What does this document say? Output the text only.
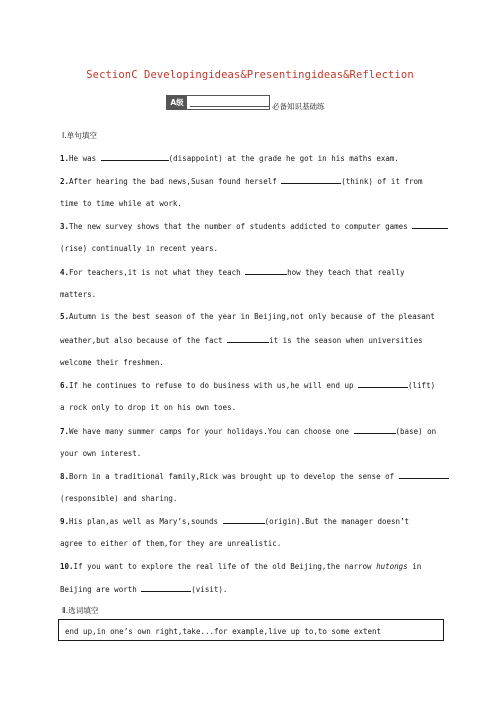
SectionC Developingideas&Presentingideas&Reflection
A级	必备知识基础练
Ⅰ.单句填空
1.He was	(disappoint) at the grade he got in his maths exam.
2.After hearing the bad news,Susan found herself	(think) of it from
time to time while at work.
3.The new survey shows that the number of students addicted to computer games
(rise) continually in recent years.
4.For teachers,it is not what they teach	how they teach that really
matters.
5.Autumn is the best season of the year in Beijing,not only because of the pleasant
weather,but also because of the fact	it is the season when universities
welcome their freshmen.
6.If he continues to refuse to do business with us,he will end up	(lift)
a rock only to drop it on his own toes.
7.We have many summer camps for your holidays.You can choose one	(base) on
your own interest.
8.Born in a traditional family,Rick was brought up to develop the sense of
(responsible) and sharing.
9.His plan,as well as Mary’s,sounds	(origin).But the manager doesn’t
agree to either of them,for they are unrealistic.
10.If you want to explore the real life of the old Beijing,the narrow hutongs in
Beijing are worth	(visit).
Ⅱ.选词填空
end up,in one’s own right,take...for example,live up to,to some extent
